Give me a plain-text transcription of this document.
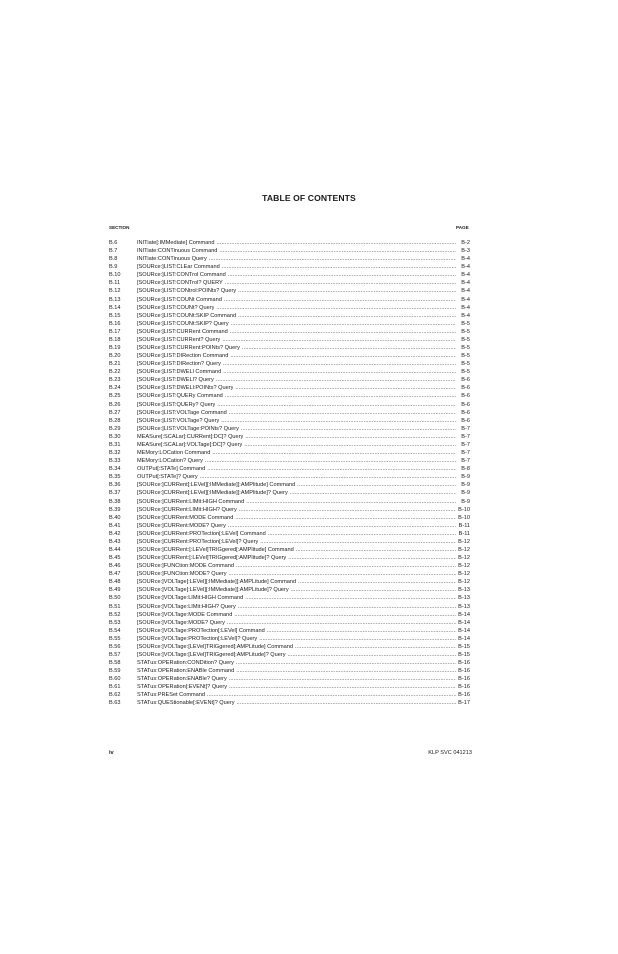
TABLE OF CONTENTS
SECTION	PAGE
B.6	INITiate[:IMMediate] Command .....	B-2
B.7	INITiate:CONTinuous Command .....	B-3
B.8	INITiate:CONTinuous Query .....	B-4
B.9	[SOURce:]LIST:CLEar Command .....	B-4
B.10	[SOURce:]LIST:CONTrol Command .....	B-4
B.11	[SOURce:]LIST:CONTrol? QUERY .....	B-4
B.12	[SOURce:]LIST:CONtrol:POINts? Query .....	B-4
B.13	[SOURce:]LIST:COUNt Command .....	B-4
B.14	[SOURce:]LIST:COUNt? Query .....	B-4
B.15	[SOURce:]LIST:COUNt:SKIP Command .....	B-4
B.16	[SOURce:]LIST:COUNt:SKIP? Query .....	B-5
B.17	[SOURce:]LIST:CURRent Command .....	B-5
B.18	[SOURce:]LIST:CURRent? Query .....	B-5
B.19	[SOURce:]LIST:CURRent:POINts? Query .....	B-5
B.20	[SOURce:]LIST:DIRection Command .....	B-5
B.21	[SOURce:]LIST:DIRection? Query .....	B-5
B.22	[SOURce:]LIST:DWELl Command .....	B-5
B.23	[SOURce:]LIST:DWELl? Query .....	B-6
B.24	[SOURce:]LIST:DWELl:POINts? Query .....	B-6
B.25	[SOURce:]LIST:QUERy Command .....	B-6
B.26	[SOURce:]LIST:QUERy? Query .....	B-6
B.27	[SOURce:]LIST:VOLTage Command .....	B-6
B.28	[SOURce:]LIST:VOLTage? Query .....	B-6
B.29	[SOURce:]LIST:VOLTage:POINts? Query .....	B-7
B.30	MEASure[:SCALar]:CURRent[:DC]? Query .....	B-7
B.31	MEASure[:SCALar]:VOLTage[:DC]? Query .....	B-7
B.32	MEMory:LOCation Command .....	B-7
B.33	MEMory:LOCation? Query .....	B-7
B.34	OUTPut[:STATe] Command .....	B-8
B.35	OUTPut[:STATe]? Query .....	B-9
B.36	[SOURce:]CURRent[:LEVel][:IMMediate][:AMPlitude] Command .....	B-9
B.37	[SOURce:]CURRent[:LEVel][:IMMediate][:AMPlitude]? Query .....	B-9
B.38	[SOURce:]CURRent:LIMit:HIGH Command .....	B-9
B.39	[SOURce:]CURRent:LIMit:HIGH? Query .....	B-10
B.40	[SOURce:]CURRent:MODE Command .....	B-10
B.41	[SOURce:]CURRent:MODE? Query .....	B-11
B.42	[SOURce:]CURRent:PROTection[:LEVel] Command .....	B-11
B.43	[SOURce:]CURRent:PROTection[:LEVel]? Query .....	B-12
B.44	[SOURce:]CURRent:[:LEVel]TRIGgered[:AMPlitude] Command .....	B-12
B.45	[SOURce:]CURRent:[:LEVel]TRIGgered[:AMPlitude]? Query .....	B-12
B.46	[SOURce:]FUNCtion:MODE Command .....	B-12
B.47	[SOURce:]FUNCtion:MODE? Query .....	B-12
B.48	[SOURce:]VOLTage[:LEVel][:IMMediate][:AMPLitude] Command .....	B-12
B.49	[SOURce:]VOLTage[:LEVel][:IMMediate][:AMPLitude]? Query .....	B-13
B.50	[SOURce:]VOLTage:LIMit:HIGH Command .....	B-13
B.51	[SOURce:]VOLTage:LIMit:HIGH? Query .....	B-13
B.52	[SOURce:]VOLTage:MODE Command .....	B-14
B.53	[SOURce:]VOLTage:MODE? Query .....	B-14
B.54	[SOURce:]VOLTage:PROTection[:LEVel] Command .....	B-14
B.55	[SOURce:]VOLTage:PROTection[:LEVel]? Query .....	B-14
B.56	[SOURce:]VOLTage:[LEVel]TRIGgered[:AMPLitude] Command .....	B-15
B.57	[SOURce:]VOLTage:[LEVel]TRIGgered[:AMPLitude]? Query .....	B-15
B.58	STATus:OPERation:CONDition? Query .....	B-16
B.59	STATus:OPERation:ENABle Command .....	B-16
B.60	STATus:OPERation:ENABle? Query .....	B-16
B.61	STATus:OPERation[:EVENt]? Query .....	B-16
B.62	STATus:PRESet Command .....	B-16
B.63	STATus:QUEStionable[:EVENt]? Query .....	B-17
iv	KLP SVC 041213
